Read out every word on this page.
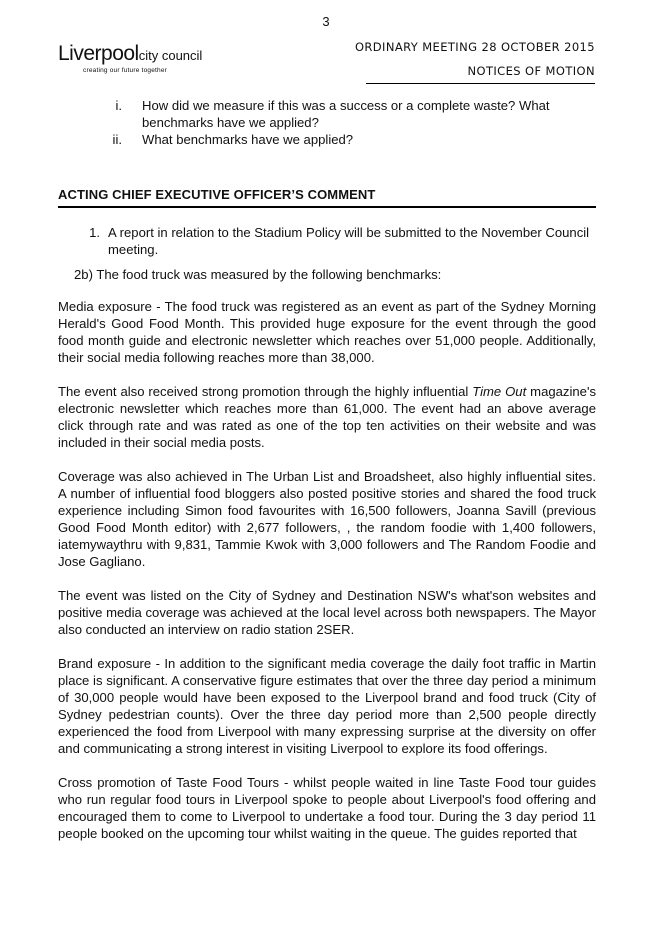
3
Liverpoolcity council
creating our future together
ORDINARY MEETING 28 OCTOBER 2015
NOTICES OF MOTION
i.	How did we measure if this was a success or a complete waste? What benchmarks have we applied?
ii.	What benchmarks have we applied?
ACTING CHIEF EXECUTIVE OFFICER’S COMMENT
1. A report in relation to the Stadium Policy will be submitted to the November Council meeting.
2b) The food truck was measured by the following benchmarks:

Media exposure - The food truck was registered as an event as part of the Sydney Morning Herald's Good Food Month. This provided huge exposure for the event through the good food month guide and electronic newsletter which reaches over 51,000 people. Additionally, their social media following reaches more than 38,000.

The event also received strong promotion through the highly influential Time Out magazine's electronic newsletter which reaches more than 61,000. The event had an above average click through rate and was rated as one of the top ten activities on their website and was included in their social media posts.

Coverage was also achieved in The Urban List and Broadsheet, also highly influential sites. A number of influential food bloggers also posted positive stories and shared the food truck experience including Simon food favourites with 16,500 followers, Joanna Savill (previous Good Food Month editor) with 2,677 followers, , the random foodie with 1,400 followers, iatemywaythru with 9,831, Tammie Kwok with 3,000 followers and The Random Foodie and Jose Gagliano.

The event was listed on the City of Sydney and Destination NSW's what'son websites and positive media coverage was achieved at the local level across both newspapers. The Mayor also conducted an interview on radio station 2SER.

Brand exposure - In addition to the significant media coverage the daily foot traffic in Martin place is significant. A conservative figure estimates that over the three day period a minimum of 30,000 people would have been exposed to the Liverpool brand and food truck (City of Sydney pedestrian counts). Over the three day period more than 2,500 people directly experienced the food from Liverpool with many expressing surprise at the diversity on offer and communicating a strong interest in visiting Liverpool to explore its food offerings.

Cross promotion of Taste Food Tours - whilst people waited in line Taste Food tour guides who run regular food tours in Liverpool spoke to people about Liverpool's food offering and encouraged them to come to Liverpool to undertake a food tour. During the 3 day period 11 people booked on the upcoming tour whilst waiting in the queue. The guides reported that
